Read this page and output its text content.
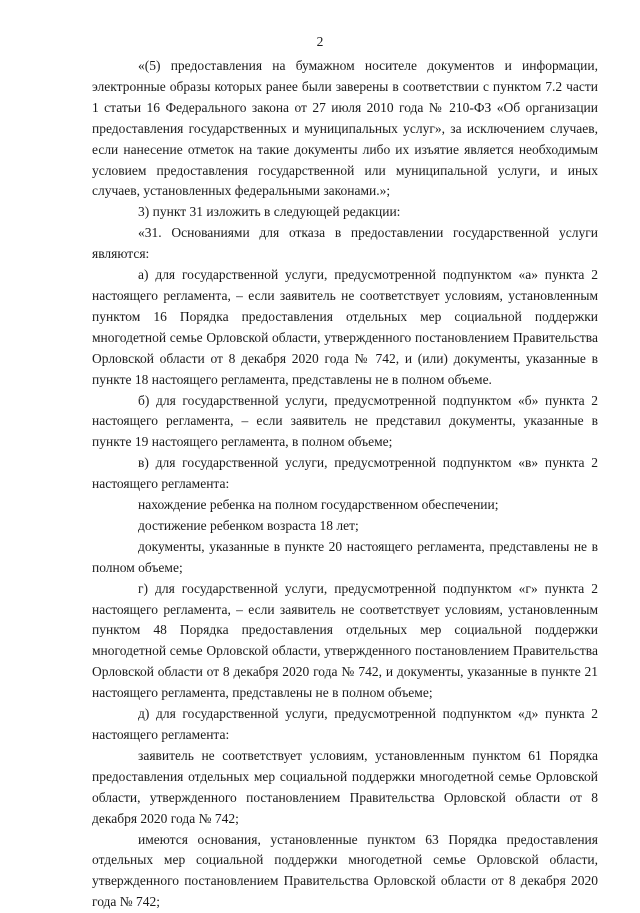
2

«(5) предоставления на бумажном носителе документов и информации, электронные образы которых ранее были заверены в соответствии с пунктом 7.2 части 1 статьи 16 Федерального закона от 27 июля 2010 года № 210-ФЗ «Об организации предоставления государственных и муниципальных услуг», за исключением случаев, если нанесение отметок на такие документы либо их изъятие является необходимым условием предоставления государственной или муниципальной услуги, и иных случаев, установленных федеральными законами.»;

3) пункт 31 изложить в следующей редакции:

«31. Основаниями для отказа в предоставлении государственной услуги являются:

а) для государственной услуги, предусмотренной подпунктом «а» пункта 2 настоящего регламента, – если заявитель не соответствует условиям, установленным пунктом 16 Порядка предоставления отдельных мер социальной поддержки многодетной семье Орловской области, утвержденного постановлением Правительства Орловской области от 8 декабря 2020 года № 742, и (или) документы, указанные в пункте 18 настоящего регламента, представлены не в полном объеме.

б) для государственной услуги, предусмотренной подпунктом «б» пункта 2 настоящего регламента, – если заявитель не представил документы, указанные в пункте 19 настоящего регламента, в полном объеме;

в) для государственной услуги, предусмотренной подпунктом «в» пункта 2 настоящего регламента:

нахождение ребенка на полном государственном обеспечении;

достижение ребенком возраста 18 лет;

документы, указанные в пункте 20 настоящего регламента, представлены не в полном объеме;

г) для государственной услуги, предусмотренной подпунктом «г» пункта 2 настоящего регламента, – если заявитель не соответствует условиям, установленным пунктом 48 Порядка предоставления отдельных мер социальной поддержки многодетной семье Орловской области, утвержденного постановлением Правительства Орловской области от 8 декабря 2020 года № 742, и документы, указанные в пункте 21 настоящего регламента, представлены не в полном объеме;

д) для государственной услуги, предусмотренной подпунктом «д» пункта 2 настоящего регламента:

заявитель не соответствует условиям, установленным пунктом 61 Порядка предоставления отдельных мер социальной поддержки многодетной семье Орловской области, утвержденного постановлением Правительства Орловской области от 8 декабря 2020 года № 742;

имеются основания, установленные пунктом 63 Порядка предоставления отдельных мер социальной поддержки многодетной семье Орловской области, утвержденного постановлением Правительства Орловской области от 8 декабря 2020 года № 742;
